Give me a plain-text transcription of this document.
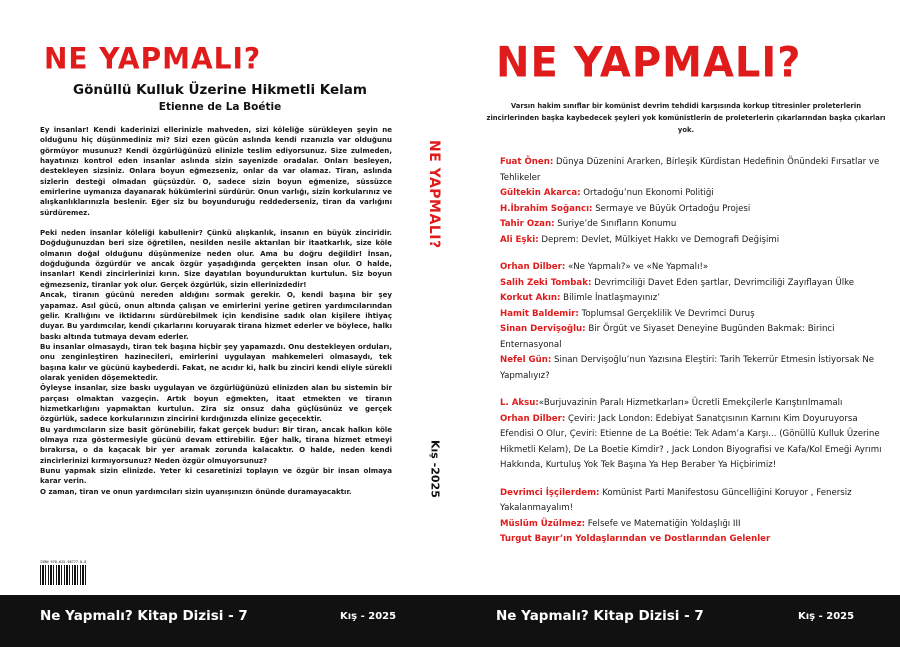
NE YAPMALI?
Gönüllü Kulluk Üzerine Hikmetli Kelam
Etienne de La Boétie

Ey insanlar! Kendi kaderinizi ellerinizle mahveden, sizi köleliğe sürükleyen şeyin ne olduğunu hiç düşünmediniz mi? Sizi ezen gücün aslında kendi rızanızla var olduğunu görmüyor musunuz? Kendi özgürlüğünüzü elinizle teslim ediyorsunuz. Size zulmeden, hayatınızı kontrol eden insanlar aslında sizin sayenizde oradalar. Onları besleyen, destekleyen sizsiniz. Onlara boyun eğmezseniz, onlar da var olamaz. Tiran, aslında sizlerin desteği olmadan güçsüzdür. O, sadece sizin boyun eğmenize, süssüzce emirlerine uymanıza dayanarak hükümlerini sürdürür. Onun varlığı, sizin korkularınız ve alışkanlıklarınızla beslenir. Eğer siz bu boyunduruğu reddederseniz, tiran da varlığını sürdüremez.

Peki neden insanlar köleliği kabullenir? Çünkü alışkanlık, insanın en büyük zinciridir. Doğduğunuzdan beri size öğretilen, nesilden nesile aktarılan bir itaatkarlık, size köle olmanın doğal olduğunu düşünmenize neden olur. Ama bu doğru değildir! İnsan, doğduğunda özgürdür ve ancak özgür yaşadığında gerçekten insan olur. O halde, insanlar! Kendi zincirlerinizi kırın. Size dayatılan boyunduruktan kurtulun. Siz boyun eğmezseniz, tiranlar yok olur. Gerçek özgürlük, sizin ellerinizdedir!

Ancak, tiranın gücünü nereden aldığını sormak gerekir. O, kendi başına bir şey yapamaz. Asıl gücü, onun altında çalışan ve emirlerini yerine getiren yardımcılarından gelir. Krallığını ve iktidarını sürdürebilmek için kendisine sadık olan kişilere ihtiyaç duyar. Bu yardımcılar, kendi çıkarlarını koruyarak tirana hizmet ederler ve böylece, halkı baskı altında tutmaya devam ederler.

Bu insanlar olmasaydı, tiran tek başına hiçbir şey yapamazdı. Onu destekleyen orduları, onu zenginleştiren hazinecileri, emirlerini uygulayan mahkemeleri olmasaydı, tek başına kalır ve gücünü kaybederdi. Fakat, ne acıdır ki, halk bu zinciri kendi eliyle sürekli olarak yeniden döşemektedir.

Öyleyse insanlar, size baskı uygulayan ve özgürlüğünüzü elinizden alan bu sistemin bir parçası olmaktan vazgeçin. Artık boyun eğmekten, itaat etmekten ve tiranın hizmetkarlığını yapmaktan kurtulun. Zira siz onsuz daha güçlüsünüz ve gerçek özgürlük, sadece korkularınızın zincirini kırdığınızda elinize geçecektir.

Bu yardımcıların size basit görünebilir, fakat gerçek budur: Bir tiran, ancak halkın köle olmaya rıza göstermesiyle gücünü devam ettirebilir. Eğer halk, tirana hizmet etmeyi bırakırsa, o da kaçacak bir yer aramak zorunda kalacaktır. O halde, neden kendi zincirlerinizi kırmıyorsunuz? Neden özgür olmuyorsunuz?

Bunu yapmak sizin elinizde. Yeter ki cesaretinizi toplayın ve özgür bir insan olmaya karar verin.

O zaman, tiran ve onun yardımcıları sizin uyanışınızın önünde duramayacaktır.

ISBN 978-625-98777-0-8
NE YAPMALI?
Kış -2025
NE YAPMALI?
Varsın hakim sınıflar bir komünist devrim tehdidi karşısında korkup titresinler proleterlerin zincirlerinden başka kaybedecek şeyleri yok komünistlerin de proleterlerin çıkarlarından başka çıkarları yok.
Fuat Önen: Dünya Düzenini Ararken, Birleşik Kürdistan Hedefinin Önündeki Fırsatlar ve Tehlikeler
Gültekin Akarca: Ortadoğu’nun Ekonomi Politiği
H.İbrahim Soğancı: Sermaye ve Büyük Ortadoğu Projesi
Tahir Ozan: Suriye’de Sınıfların Konumu
Ali Eşki: Deprem: Devlet, Mülkiyet Hakkı ve Demografi Değişimi
Orhan Dilber: «Ne Yapmalı?» ve «Ne Yapmalı!»
Salih Zeki Tombak: Devrimciliği Davet Eden şartlar, Devrimciliği Zayıflayan Ülke
Korkut Akın: Bilimle İnatlaşmayınız’
Hamit Baldemir: Toplumsal Gerçeklilik Ve Devrimci Duruş
Sinan Dervişoğlu: Bir Örgüt ve Siyaset Deneyine Bugünden Bakmak: Birinci Enternasyonal
Nefel Gün: Sinan Dervişoğlu’nun Yazısına Eleştiri: Tarih Tekerrür Etmesin İstiyorsak Ne Yapmalıyız?
L. Aksu:«Burjuvazinin Paralı Hizmetkarları» Ücretli Emekçilerle Karıştırılmamalı
Orhan Dilber: Çeviri: Jack London: Edebiyat Sanatçısının Karnını Kim Doyuruyorsa Efendisi O Olur, Çeviri: Etienne de La Boétie: Tek Adam’a Karşı... (Gönüllü Kulluk Üzerine Hikmetli Kelam), De La Boetie Kimdir? , Jack London Biyografisi ve Kafa/Kol Emeği Ayrımı Hakkında, Kurtuluş Yok Tek Başına Ya Hep Beraber Ya Hiçbirimiz!
Devrimci İşçilerdem: Komünist Parti Manifestosu Güncelliğini Koruyor , Fenersiz Yakalanmayalım!
Müslüm Üzülmez: Felsefe ve Matematiğin Yoldaşlığı III
Turgut Bayır’ın Yoldaşlarından ve Dostlarından Gelenler
Ne Yapmalı? Kitap Dizisi - 7	Kış - 2025	Ne Yapmalı? Kitap Dizisi - 7	Kış - 2025
